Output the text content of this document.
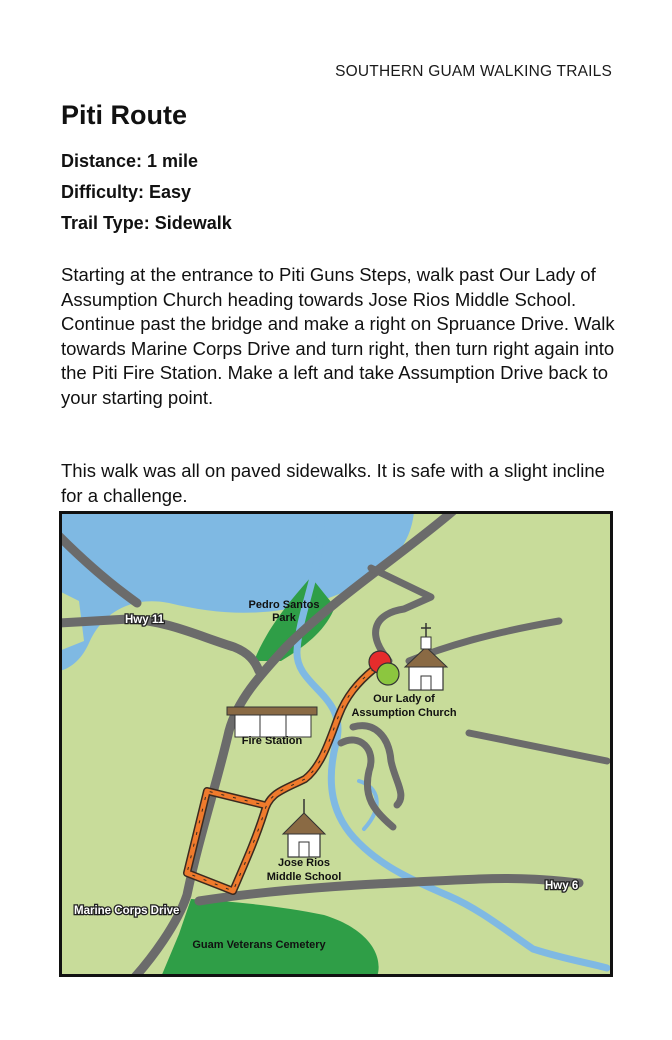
SOUTHERN GUAM WALKING TRAILS
Piti Route
Distance: 1 mile
Difficulty: Easy
Trail Type: Sidewalk

Starting at the entrance to Piti Guns Steps, walk past Our Lady of Assumption Church heading towards Jose Rios Middle School. Continue past the bridge and make a right on Spruance Drive. Walk towards Marine Corps Drive and turn right, then turn right again into the Piti Fire Station. Make a left and take Assumption Drive back to your starting point.

This walk was all on paved sidewalks. It is safe with a slight incline for a challenge.

Hwy 11
Hwy 6
Marine Corps Drive
Pedro Santos
Park
Fire Station
Our Lady of
Assumption Church
Jose Rios
Middle School
Guam Veterans Cemetery
